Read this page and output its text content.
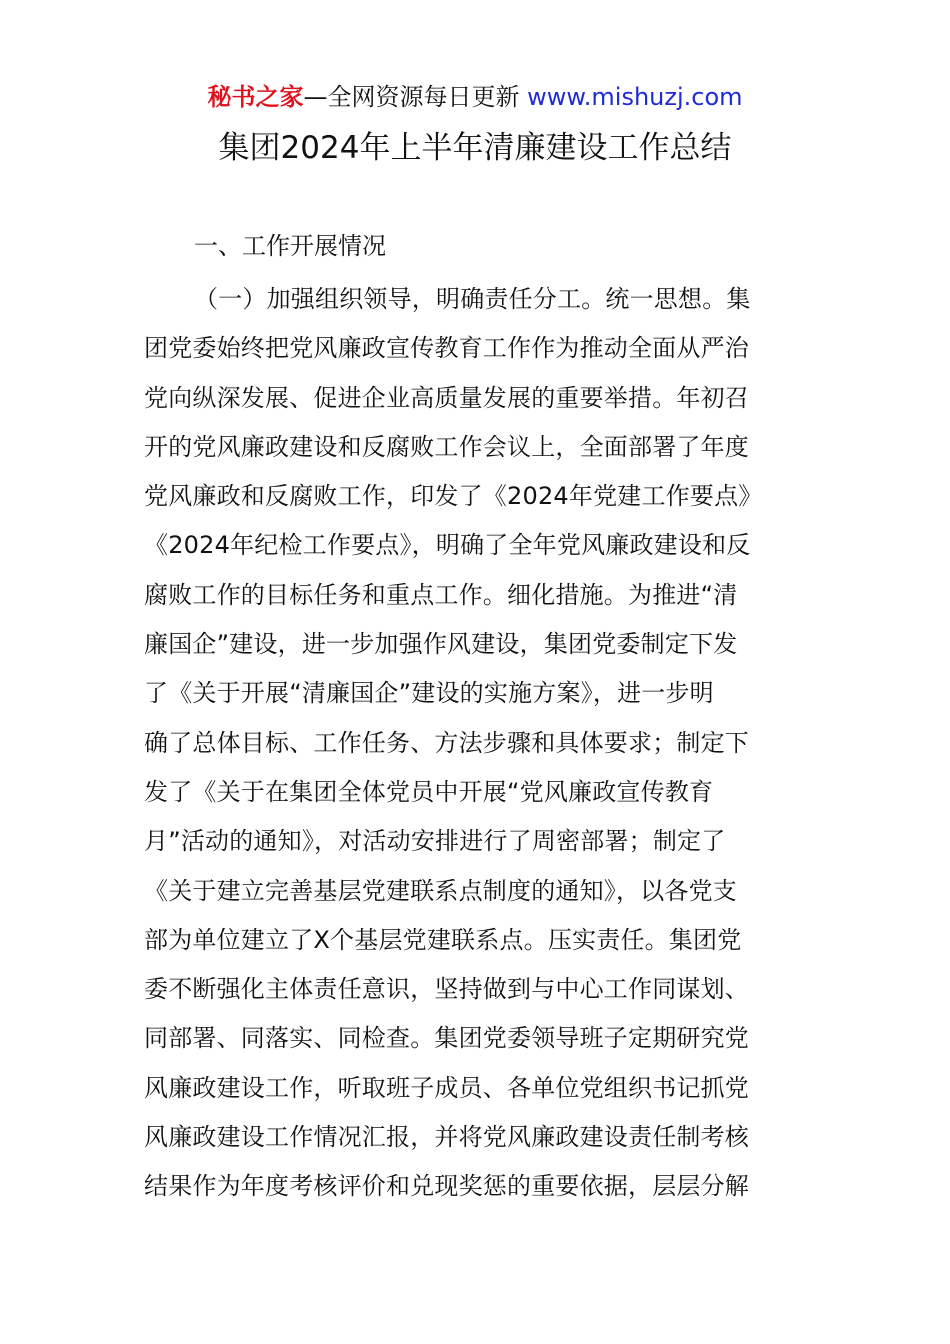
秘书之家—全网资源每日更新 www.mishuzj.com
集团2024年上半年清廉建设工作总结
一、工作开展情况
（一）加强组织领导，明确责任分工。统一思想。集
团党委始终把党风廉政宣传教育工作作为推动全面从严治
党向纵深发展、促进企业高质量发展的重要举措。年初召
开的党风廉政建设和反腐败工作会议上，全面部署了年度
党风廉政和反腐败工作，印发了《2024年党建工作要点》
《2024年纪检工作要点》，明确了全年党风廉政建设和反
腐败工作的目标任务和重点工作。细化措施。为推进“清
廉国企”建设，进一步加强作风建设，集团党委制定下发
了《关于开展“清廉国企”建设的实施方案》，进一步明
确了总体目标、工作任务、方法步骤和具体要求；制定下
发了《关于在集团全体党员中开展“党风廉政宣传教育
月”活动的通知》，对活动安排进行了周密部署；制定了
《关于建立完善基层党建联系点制度的通知》，以各党支
部为单位建立了X个基层党建联系点。压实责任。集团党
委不断强化主体责任意识，坚持做到与中心工作同谋划、
同部署、同落实、同检查。集团党委领导班子定期研究党
风廉政建设工作，听取班子成员、各单位党组织书记抓党
风廉政建设工作情况汇报，并将党风廉政建设责任制考核
结果作为年度考核评价和兑现奖惩的重要依据，层层分解
